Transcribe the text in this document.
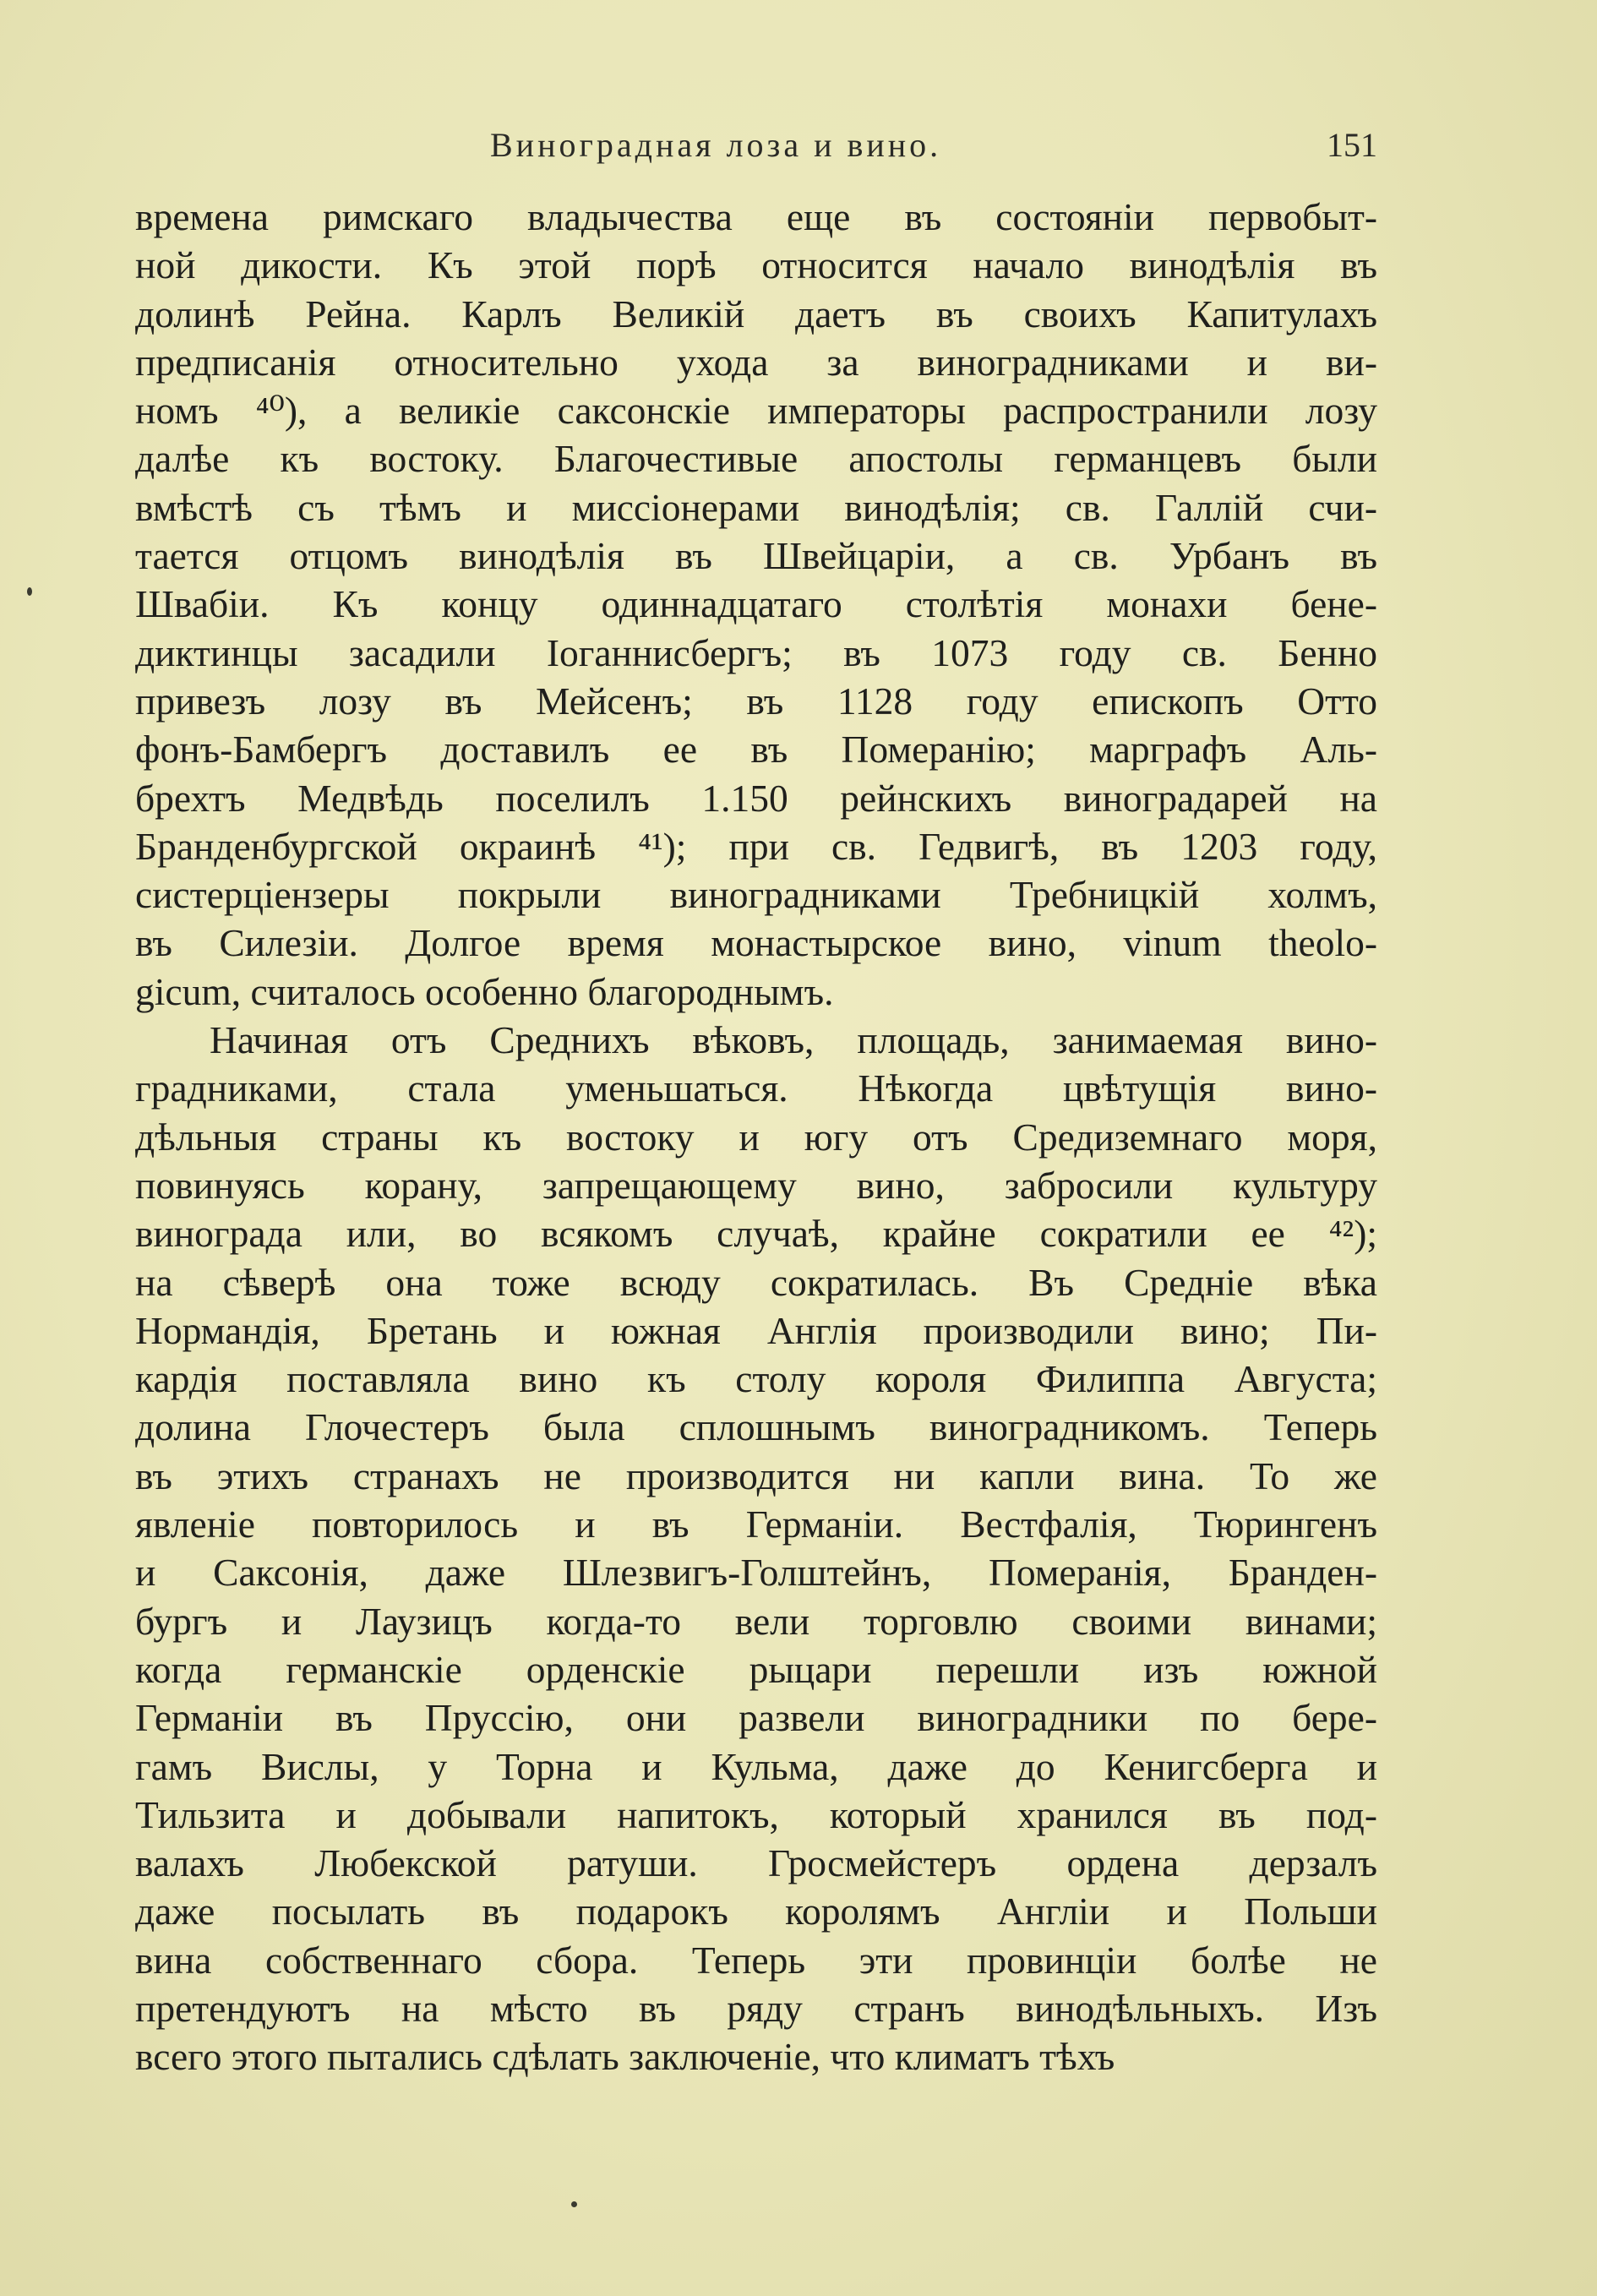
Виноградная лоза и вино.	151
времена римскаго владычества еще въ состояніи первобыт-
ной дикости. Къ этой порѣ относится начало винодѣлія въ
долинѣ Рейна. Карлъ Великій даетъ въ своихъ Капитулахъ
предписанія относительно ухода за виноградниками и ви-
номъ ⁴⁰), а великіе саксонскіе императоры распространили лозу
далѣе къ востоку. Благочестивые апостолы германцевъ были
вмѣстѣ съ тѣмъ и миссіонерами винодѣлія; св. Галлій счи-
тается отцомъ винодѣлія въ Швейцаріи, а св. Урбанъ въ
Швабіи. Къ концу одиннадцатаго столѣтія монахи бене-
диктинцы засадили Іоганнисбергъ; въ 1073 году св. Бенно
привезъ лозу въ Мейсенъ; въ 1128 году епископъ Отто
фонъ-Бамбергъ доставилъ ее въ Померанію; маргрaфъ Аль-
брехтъ Медвѣдь поселилъ 1.150 рейнскихъ виноградарей на
Бранденбургской окраинѣ ⁴¹); при св. Гедвигѣ, въ 1203 году,
систерціензеры покрыли виноградниками Требницкій холмъ,
въ Силезіи. Долгое время монастырское вино, vinum theolo-
gicum, считалось особенно благороднымъ.
Начиная отъ Среднихъ вѣковъ, площадь, занимаемая вино-
градниками, стала уменьшаться. Нѣкогда цвѣтущія вино-
дѣльныя страны къ востоку и югу отъ Средиземнаго моря,
повинуясь корану, запрещающему вино, забросили культуру
винограда или, во всякомъ случаѣ, крайне сократили ее ⁴²);
на сѣверѣ она тоже всюду сократилась. Въ Средніе вѣка
Нормандія, Бретань и южная Англія производили вино; Пи-
кардія поставляла вино къ столу короля Филиппа Августа;
долина Глочестеръ была сплошнымъ виноградникомъ. Теперь
въ этихъ странахъ не производится ни капли вина. То же
явленіе повторилось и въ Германіи. Вестфалія, Тюрингенъ
и Саксонія, даже Шлезвигъ-Голштейнъ, Померанія, Бранден-
бургъ и Лаузицъ когда-то вели торговлю своими винами;
когда германскіе орденскіе рыцари перешли изъ южной
Германіи въ Пруссію, они развели виноградники по бере-
гамъ Вислы, у Торна и Кульма, даже до Кенигсберга и
Тильзита и добывали напитокъ, который хранился въ под-
валахъ Любекской ратуши. Гросмейстеръ ордена дерзалъ
даже посылать въ подарокъ королямъ Англіи и Польши
вина собственнаго сбора. Теперь эти провинціи болѣе не
претендуютъ на мѣсто въ ряду странъ винодѣльныхъ. Изъ
всего этого пытались сдѣлать заключеніе, что климатъ тѣхъ
